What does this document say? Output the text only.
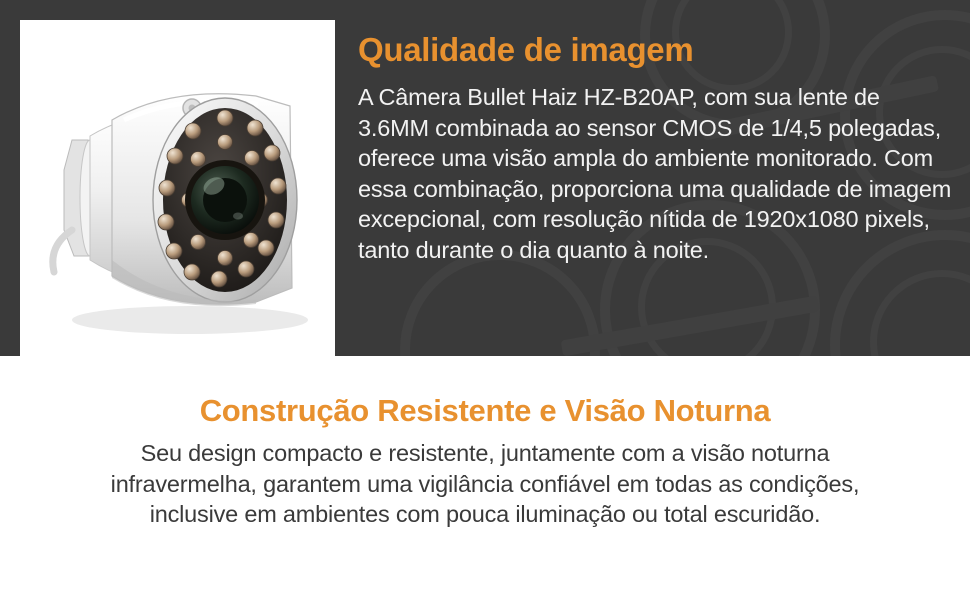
Qualidade de imagem

A Câmera Bullet Haiz HZ-B20AP, com sua lente de 3.6MM combinada ao sensor CMOS de 1/4,5 polegadas, oferece uma visão ampla do ambiente monitorado. Com essa combinação, proporciona uma qualidade de imagem excepcional, com resolução nítida de 1920x1080 pixels, tanto durante o dia quanto à noite.

Construção Resistente e Visão Noturna

Seu design compacto e resistente, juntamente com a visão noturna infravermelha, garantem uma vigilância confiável em todas as condições, inclusive em ambientes com pouca iluminação ou total escuridão.
